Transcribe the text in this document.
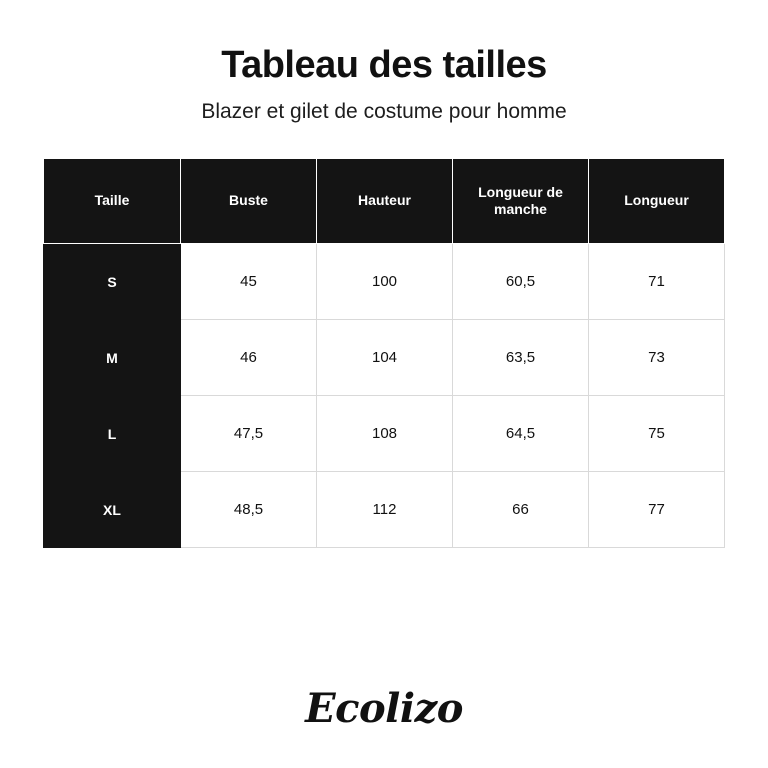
Tableau des tailles
Blazer et gilet de costume pour homme
Taille	Buste	Hauteur	Longueur de manche	Longueur
S	45	100	60,5	71
M	46	104	63,5	73
L	47,5	108	64,5	75
XL	48,5	112	66	77
Ecolizo
